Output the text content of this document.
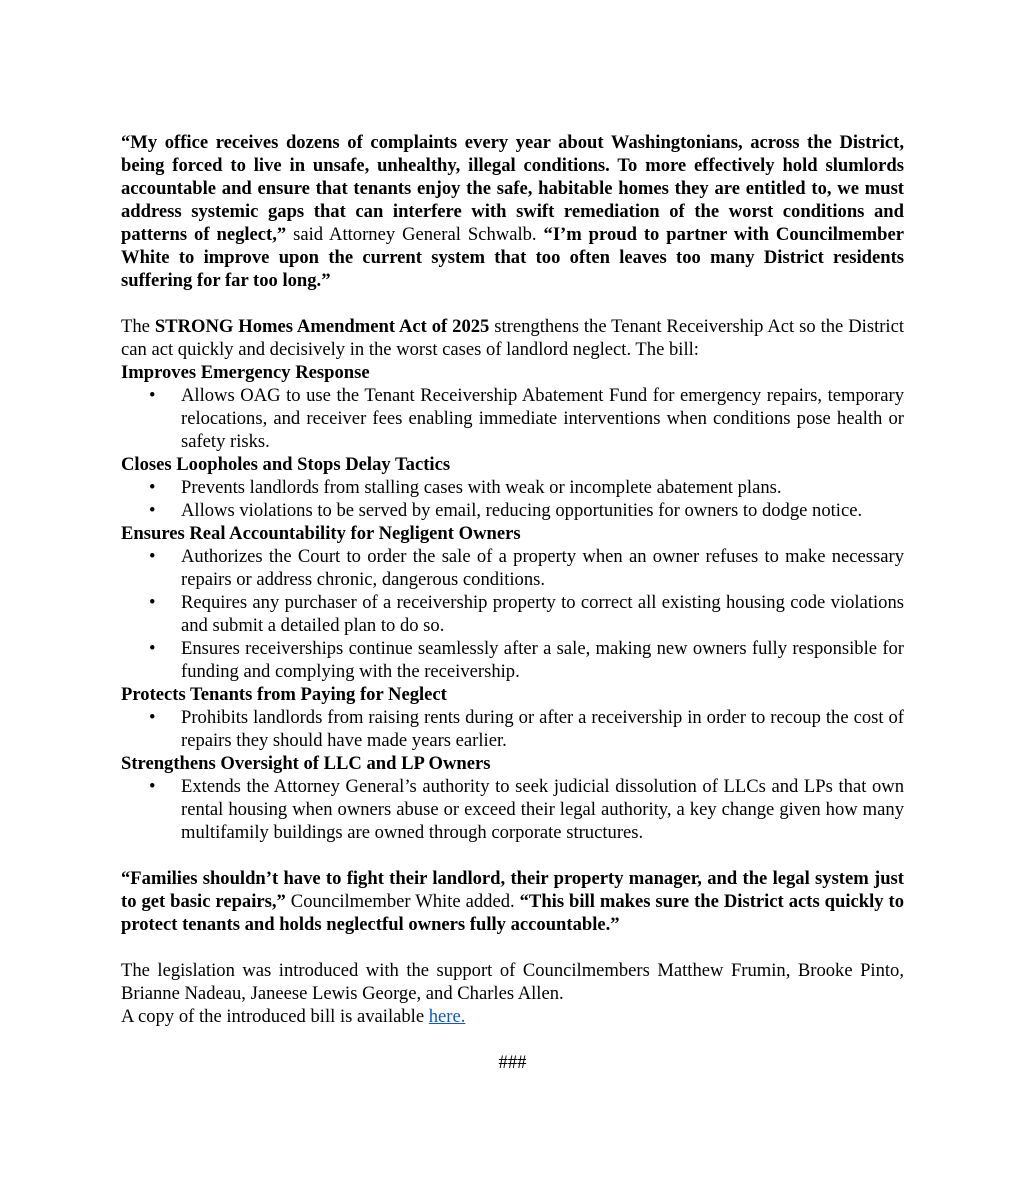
“My office receives dozens of complaints every year about Washingtonians, across the District, being forced to live in unsafe, unhealthy, illegal conditions. To more effectively hold slumlords accountable and ensure that tenants enjoy the safe, habitable homes they are entitled to, we must address systemic gaps that can interfere with swift remediation of the worst conditions and patterns of neglect,” said Attorney General Schwalb. “I’m proud to partner with Councilmember White to improve upon the current system that too often leaves too many District residents suffering for far too long.”

The STRONG Homes Amendment Act of 2025 strengthens the Tenant Receivership Act so the District can act quickly and decisively in the worst cases of landlord neglect. The bill:

Improves Emergency Response
• Allows OAG to use the Tenant Receivership Abatement Fund for emergency repairs, temporary relocations, and receiver fees enabling immediate interventions when conditions pose health or safety risks.
Closes Loopholes and Stops Delay Tactics
• Prevents landlords from stalling cases with weak or incomplete abatement plans.
• Allows violations to be served by email, reducing opportunities for owners to dodge notice.
Ensures Real Accountability for Negligent Owners
• Authorizes the Court to order the sale of a property when an owner refuses to make necessary repairs or address chronic, dangerous conditions.
• Requires any purchaser of a receivership property to correct all existing housing code violations and submit a detailed plan to do so.
• Ensures receiverships continue seamlessly after a sale, making new owners fully responsible for funding and complying with the receivership.
Protects Tenants from Paying for Neglect
• Prohibits landlords from raising rents during or after a receivership in order to recoup the cost of repairs they should have made years earlier.
Strengthens Oversight of LLC and LP Owners
• Extends the Attorney General’s authority to seek judicial dissolution of LLCs and LPs that own rental housing when owners abuse or exceed their legal authority, a key change given how many multifamily buildings are owned through corporate structures.

“Families shouldn’t have to fight their landlord, their property manager, and the legal system just to get basic repairs,” Councilmember White added. “This bill makes sure the District acts quickly to protect tenants and holds neglectful owners fully accountable.”

The legislation was introduced with the support of Councilmembers Matthew Frumin, Brooke Pinto, Brianne Nadeau, Janeese Lewis George, and Charles Allen.

A copy of the introduced bill is available here.

###
